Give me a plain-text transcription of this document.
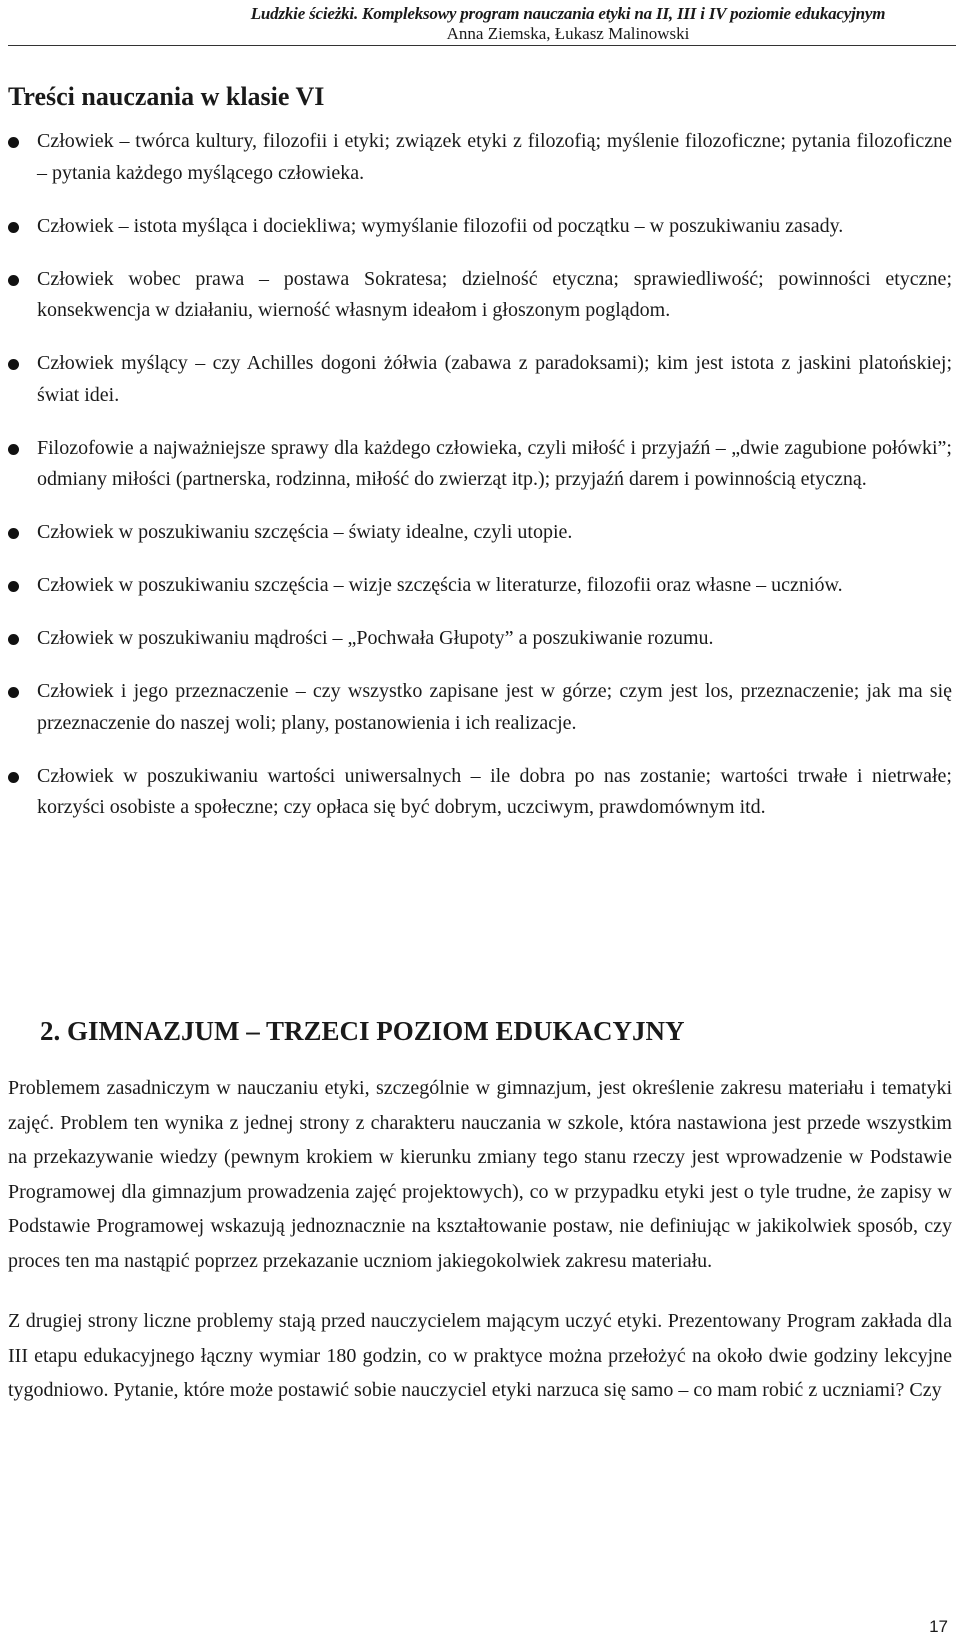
Ludzkie ścieżki. Kompleksowy program nauczania etyki na II, III i IV poziomie edukacyjnym
Anna Ziemska, Łukasz Malinowski
Treści nauczania w klasie VI
Człowiek – twórca kultury, filozofii i etyki; związek etyki z filozofią; myślenie filozoficzne; pytania filozoficzne – pytania każdego myślącego człowieka.
Człowiek – istota myśląca i dociekliwa; wymyślanie filozofii od początku – w poszukiwaniu zasady.
Człowiek wobec prawa – postawa Sokratesa; dzielność etyczna; sprawiedliwość; powinności etyczne; konsekwencja w działaniu, wierność własnym ideałom i głoszonym poglądom.
Człowiek myślący – czy Achilles dogoni żółwia (zabawa z paradoksami); kim jest istota z jaskini platońskiej; świat idei.
Filozofowie a najważniejsze sprawy dla każdego człowieka, czyli miłość i przyjaźń – „dwie zagubione połówki”; odmiany miłości (partnerska, rodzinna, miłość do zwierząt itp.); przyjaźń darem i powinnością etyczną.
Człowiek w poszukiwaniu szczęścia – światy idealne, czyli utopie.
Człowiek w poszukiwaniu szczęścia – wizje szczęścia w literaturze, filozofii oraz własne – uczniów.
Człowiek w poszukiwaniu mądrości – „Pochwała Głupoty” a poszukiwanie rozumu.
Człowiek i jego przeznaczenie – czy wszystko zapisane jest w górze; czym jest los, przeznaczenie; jak ma się przeznaczenie do naszej woli; plany, postanowienia i ich realizacje.
Człowiek w poszukiwaniu wartości uniwersalnych – ile dobra po nas zostanie; wartości trwałe i nietrwałe; korzyści osobiste a społeczne; czy opłaca się być dobrym, uczciwym, prawdomównym itd.
2. GIMNAZJUM – TRZECI POZIOM EDUKACYJNY

Problemem zasadniczym w nauczaniu etyki, szczególnie w gimnazjum, jest określenie zakresu materiału i tematyki zajęć. Problem ten wynika z jednej strony z charakteru nauczania w szkole, która nastawiona jest przede wszystkim na przekazywanie wiedzy (pewnym krokiem w kierunku zmiany tego stanu rzeczy jest wprowadzenie w Podstawie Programowej dla gimnazjum prowadzenia zajęć projektowych), co w przypadku etyki jest o tyle trudne, że zapisy w Podstawie Programowej wskazują jednoznacznie na kształtowanie postaw, nie definiując w jakikolwiek sposób, czy proces ten ma nastąpić poprzez przekazanie uczniom jakiegokolwiek zakresu materiału.

Z drugiej strony liczne problemy stają przed nauczycielem mającym uczyć etyki. Prezentowany Program zakłada dla III etapu edukacyjnego łączny wymiar 180 godzin, co w praktyce można przełożyć na około dwie godziny lekcyjne tygodniowo. Pytanie, które może postawić sobie nauczyciel etyki narzuca się samo – co mam robić z uczniami? Czy

17
